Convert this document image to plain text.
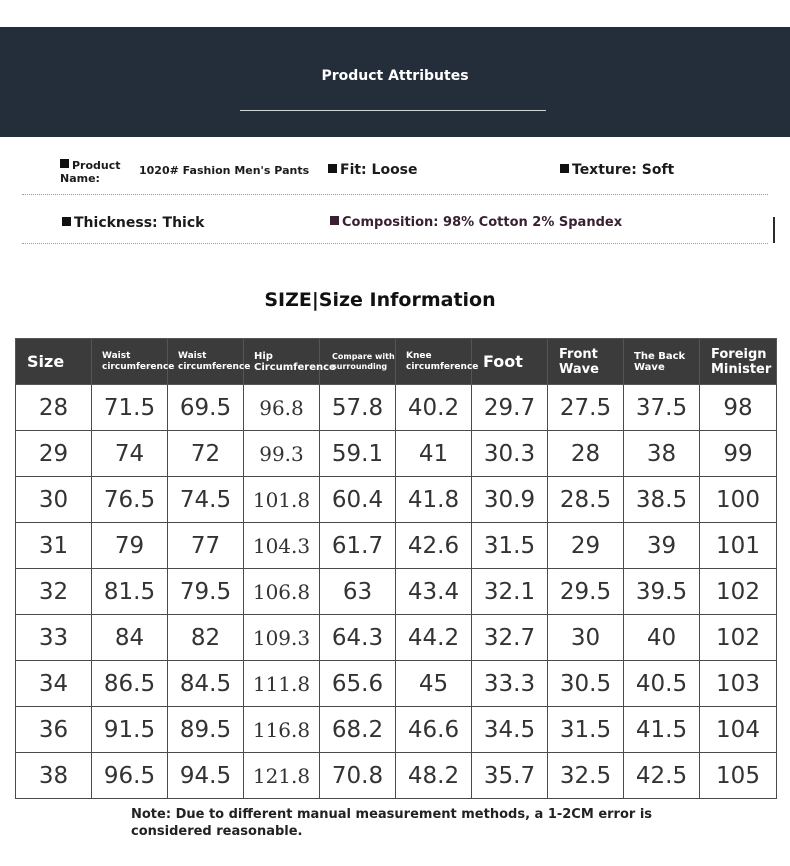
Product Attributes
Product
Name:
1020# Fashion Men's Pants	Fit: Loose	Texture: Soft
Thickness: Thick	Composition: 98% Cotton 2% Spandex
SIZE|Size Information
Size	Waist circumference	Waist circumference	Hip Circumference	Compare with surrounding	Knee circumference	Foot	Front Wave	The Back Wave	Foreign Minister
28	71.5	69.5	96.8	57.8	40.2	29.7	27.5	37.5	98
29	74	72	99.3	59.1	41	30.3	28	38	99
30	76.5	74.5	101.8	60.4	41.8	30.9	28.5	38.5	100
31	79	77	104.3	61.7	42.6	31.5	29	39	101
32	81.5	79.5	106.8	63	43.4	32.1	29.5	39.5	102
33	84	82	109.3	64.3	44.2	32.7	30	40	102
34	86.5	84.5	111.8	65.6	45	33.3	30.5	40.5	103
36	91.5	89.5	116.8	68.2	46.6	34.5	31.5	41.5	104
38	96.5	94.5	121.8	70.8	48.2	35.7	32.5	42.5	105
Note: Due to different manual measurement methods, a 1-2CM error is considered reasonable.
